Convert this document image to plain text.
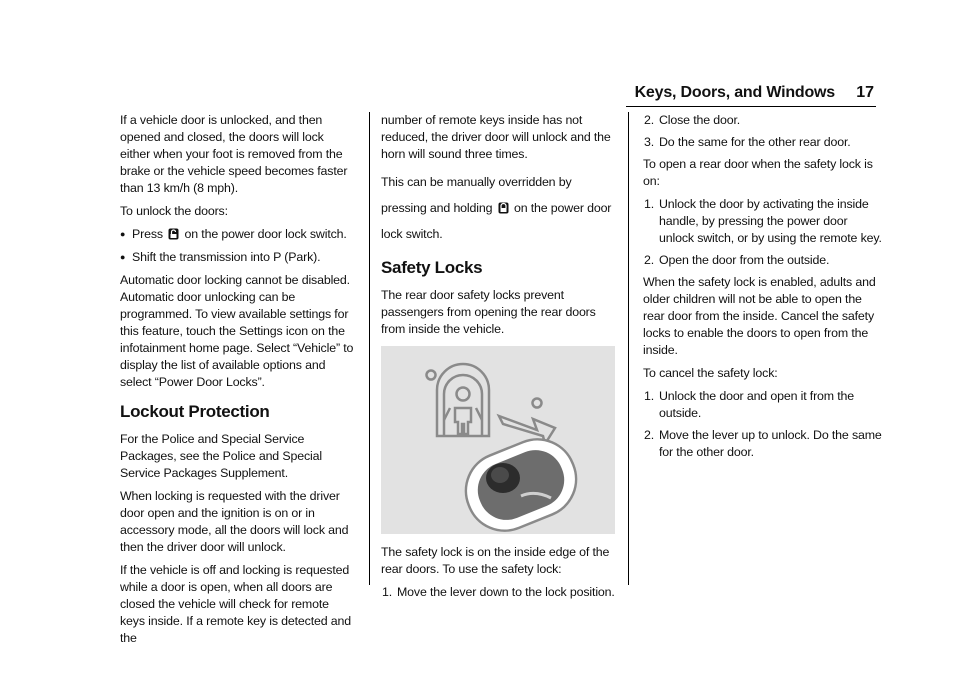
Keys, Doors, and Windows 17

If a vehicle door is unlocked, and then opened and closed, the doors will lock either when your foot is removed from the brake or the vehicle speed becomes faster than 13 km/h (8 mph).

To unlock the doors:

● Press on the power door lock switch.
● Shift the transmission into P (Park).

Automatic door locking cannot be disabled. Automatic door unlocking can be programmed. To view available settings for this feature, touch the Settings icon on the infotainment home page. Select “Vehicle” to display the list of available options and select “Power Door Locks”.

Lockout Protection

For the Police and Special Service Packages, see the Police and Special Service Packages Supplement.

When locking is requested with the driver door open and the ignition is on or in accessory mode, all the doors will lock and then the driver door will unlock.

If the vehicle is off and locking is requested while a door is open, when all doors are closed the vehicle will check for remote keys inside. If a remote key is detected and the

number of remote keys inside has not reduced, the driver door will unlock and the horn will sound three times.

This can be manually overridden by pressing and holding on the power door lock switch.

Safety Locks

The rear door safety locks prevent passengers from opening the rear doors from inside the vehicle.

The safety lock is on the inside edge of the rear doors. To use the safety lock:

1. Move the lever down to the lock position.
2. Close the door.
3. Do the same for the other rear door.

To open a rear door when the safety lock is on:

1. Unlock the door by activating the inside handle, by pressing the power door unlock switch, or by using the remote key.
2. Open the door from the outside.

When the safety lock is enabled, adults and older children will not be able to open the rear door from the inside. Cancel the safety locks to enable the doors to open from the inside.

To cancel the safety lock:

1. Unlock the door and open it from the outside.
2. Move the lever up to unlock. Do the same for the other door.
